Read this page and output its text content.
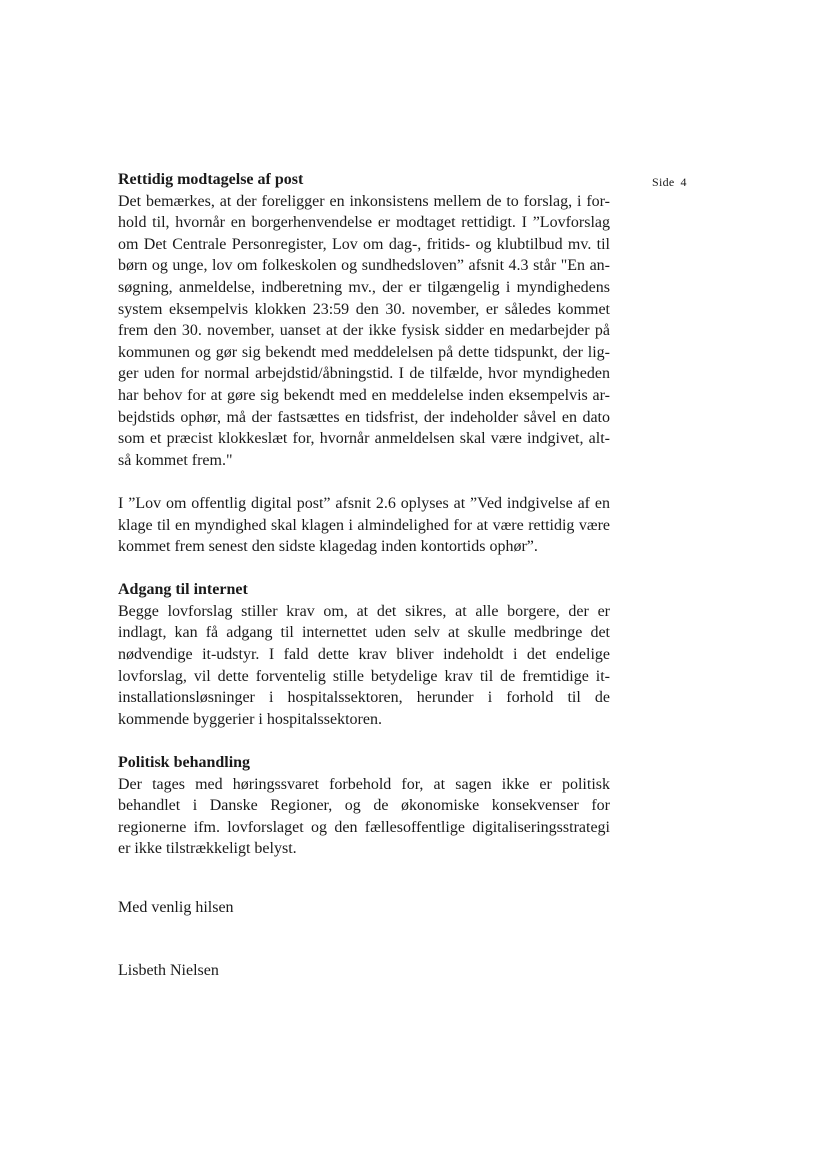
Side 4
Rettidig modtagelse af post
Det bemærkes, at der foreligger en inkonsistens mellem de to forslag, i for-
hold til, hvornår en borgerhenvendelse er modtaget rettidigt. I ”Lovforslag
om Det Centrale Personregister, Lov om dag-, fritids- og klubtilbud mv. til
børn og unge, lov om folkeskolen og sundhedsloven” afsnit 4.3 står "En an-
søgning, anmeldelse, indberetning mv., der er tilgængelig i myndighedens
system eksempelvis klokken 23:59 den 30. november, er således kommet
frem den 30. november, uanset at der ikke fysisk sidder en medarbejder på
kommunen og gør sig bekendt med meddelelsen på dette tidspunkt, der lig-
ger uden for normal arbejdstid/åbningstid. I de tilfælde, hvor myndigheden
har behov for at gøre sig bekendt med en meddelelse inden eksempelvis ar-
bejdstids ophør, må der fastsættes en tidsfrist, der indeholder såvel en dato
som et præcist klokkeslæt for, hvornår anmeldelsen skal være indgivet, alt-
så kommet frem."
I ”Lov om offentlig digital post” afsnit 2.6 oplyses at ”Ved indgivelse af en
klage til en myndighed skal klagen i almindelighed for at være rettidig være
kommet frem senest den sidste klagedag inden kontortids ophør”.
Adgang til internet
Begge lovforslag stiller krav om, at det sikres, at alle borgere, der er
indlagt, kan få adgang til internettet uden selv at skulle medbringe det
nødvendige it-udstyr. I fald dette krav bliver indeholdt i det endelige
lovforslag, vil dette forventelig stille betydelige krav til de fremtidige it-
installationsløsninger i hospitalssektoren, herunder i forhold til de
kommende byggerier i hospitalssektoren.
Politisk behandling
Der tages med høringssvaret forbehold for, at sagen ikke er politisk
behandlet i Danske Regioner, og de økonomiske konsekvenser for
regionerne ifm. lovforslaget og den fællesoffentlige digitaliseringsstrategi
er ikke tilstrækkeligt belyst.

Med venlig hilsen

Lisbeth Nielsen
